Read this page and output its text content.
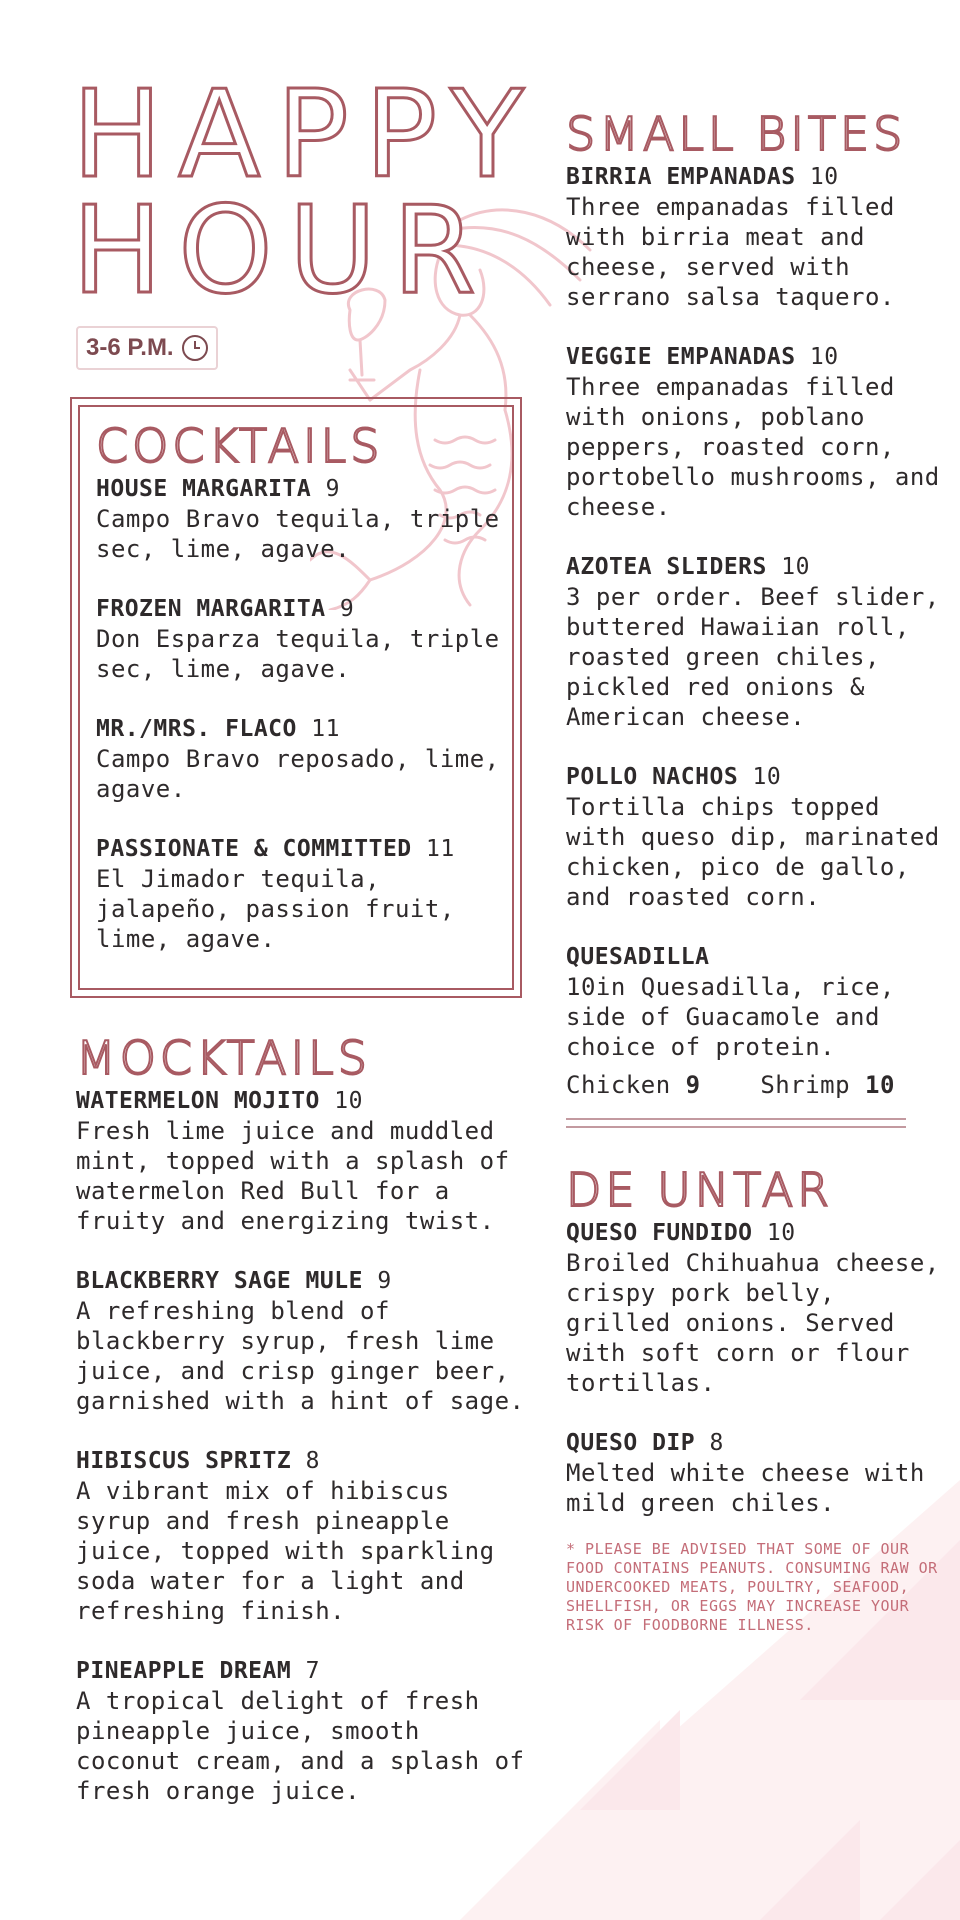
HAPPY
HOUR
3-6 P.M.
COCKTAILS
HOUSE MARGARITA 9

Campo Bravo tequila, triple sec, lime, agave.

FROZEN MARGARITA 9

Don Esparza tequila, triple sec, lime, agave.

MR./MRS. FLACO 11

Campo Bravo reposado, lime, agave.

PASSIONATE & COMMITTED 11

El Jimador tequila, jalapeño, passion fruit, lime, agave.

MOCKTAILS
WATERMELON MOJITO 10

Fresh lime juice and muddled mint, topped with a splash of watermelon Red Bull for a fruity and energizing twist.

BLACKBERRY SAGE MULE 9

A refreshing blend of blackberry syrup, fresh lime juice, and crisp ginger beer, garnished with a hint of sage.

HIBISCUS SPRITZ 8

A vibrant mix of hibiscus syrup and fresh pineapple juice, topped with sparkling soda water for a light and refreshing finish.

PINEAPPLE DREAM 7

A tropical delight of fresh pineapple juice, smooth coconut cream, and a splash of fresh orange juice.

SMALL BITES
BIRRIA EMPANADAS 10

Three empanadas filled with birria meat and cheese, served with serrano salsa taquero.

VEGGIE EMPANADAS 10

Three empanadas filled with onions, poblano peppers, roasted corn, portobello mushrooms, and cheese.

AZOTEA SLIDERS 10

3 per order. Beef slider, buttered Hawaiian roll, roasted green chiles, pickled red onions & American cheese.

POLLO NACHOS 10

Tortilla chips topped with queso dip, marinated chicken, pico de gallo, and roasted corn.

QUESADILLA

10in Quesadilla, rice, side of Guacamole and choice of protein.

Chicken 9 Shrimp 10
DE UNTAR
QUESO FUNDIDO 10

Broiled Chihuahua cheese, crispy pork belly, grilled onions. Served with soft corn or flour tortillas.

QUESO DIP 8

Melted white cheese with mild green chiles.

* PLEASE BE ADVISED THAT SOME OF OUR FOOD CONTAINS PEANUTS. CONSUMING RAW OR UNDERCOOKED MEATS, POULTRY, SEAFOOD, SHELLFISH, OR EGGS MAY INCREASE YOUR RISK OF FOODBORNE ILLNESS.
